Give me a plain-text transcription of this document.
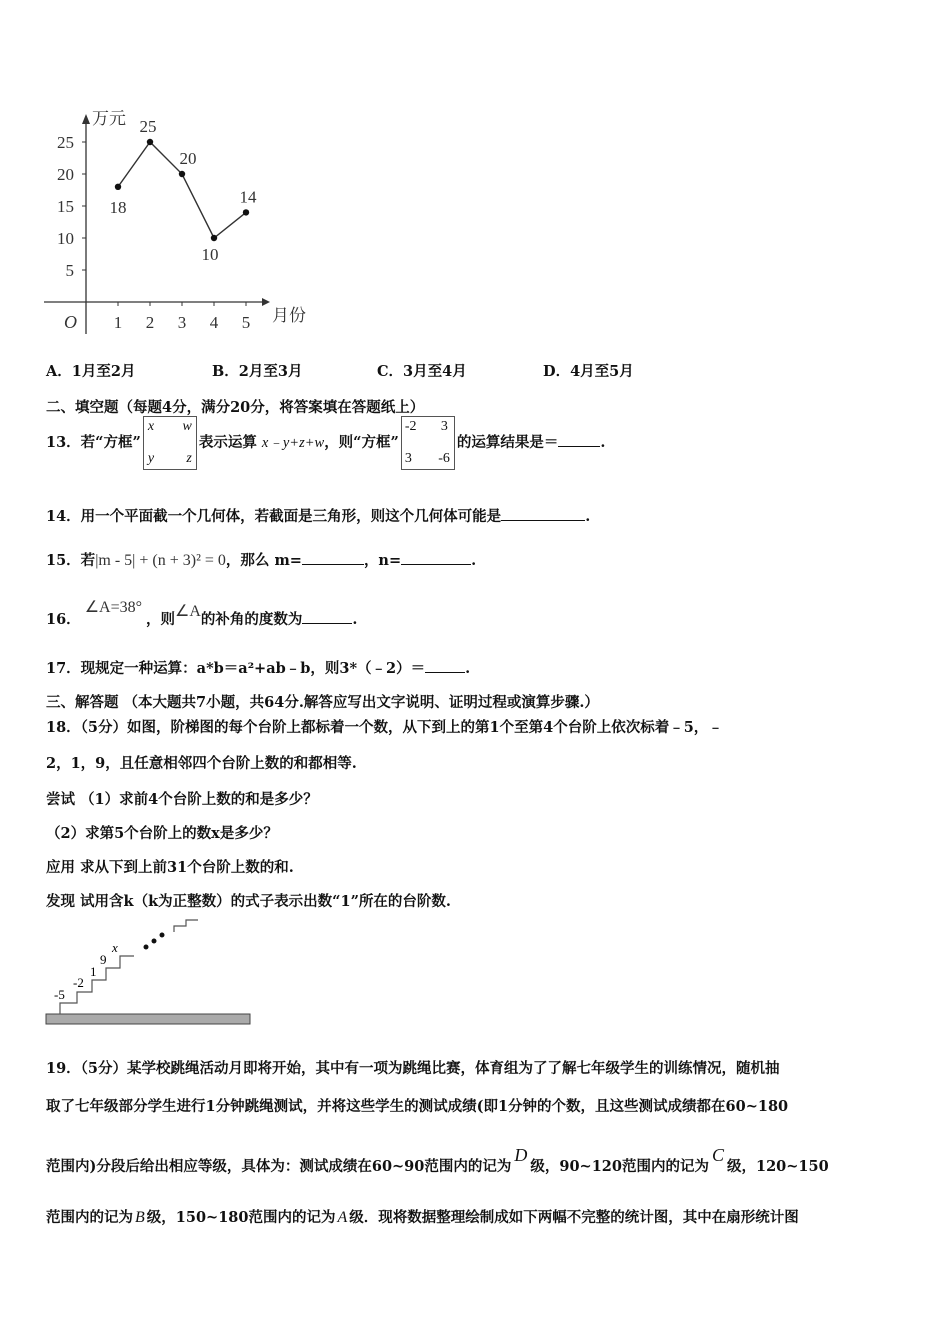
万元
月份
O
5
10
15
20
25
1 2 3 4 5
18
25
20
10
14
A．1月至2月	B．2月至3月	C．3月至4月	D．4月至5月
二、填空题（每题4分，满分20分，将答案填在答题纸上）
13．若“方框”
x w
y z
表示运算 x﹣y+z+w，则“方框”
-2 3
3 -6
的运算结果是＝	.
14．用一个平面截一个几何体，若截面是三角形，则这个几何体可能是	.
15．若|m - 5| + (n + 3)² = 0，那么 m=	，n=	.
16．∠A=38°，则∠A的补角的度数为	.
17．现规定一种运算：a*b＝a²+ab﹣b，则3*（﹣2）＝	.
三、解答题 （本大题共7小题，共64分.解答应写出文字说明、证明过程或演算步骤.）
18．（5分）如图，阶梯图的每个台阶上都标着一个数，从下到上的第1个至第4个台阶上依次标着﹣5，﹣
2，1，9，且任意相邻四个台阶上数的和都相等.
尝试 （1）求前4个台阶上数的和是多少？
（2）求第5个台阶上的数x是多少？
应用 求从下到上前31个台阶上数的和.
发现 试用含k（k为正整数）的式子表示出数“1”所在的台阶数.
-5
-2
1
9
x
19．（5分）某学校跳绳活动月即将开始，其中有一项为跳绳比赛，体育组为了了解七年级学生的训练情况，随机抽
取了七年级部分学生进行1分钟跳绳测试，并将这些学生的测试成绩(即1分钟的个数，且这些测试成绩都在60~180
范围内)分段后给出相应等级，具体为：测试成绩在60~90范围内的记为D级，90~120范围内的记为C级，120~150
范围内的记为 B 级，150~180范围内的记为 A 级．现将数据整理绘制成如下两幅不完整的统计图，其中在扇形统计图
